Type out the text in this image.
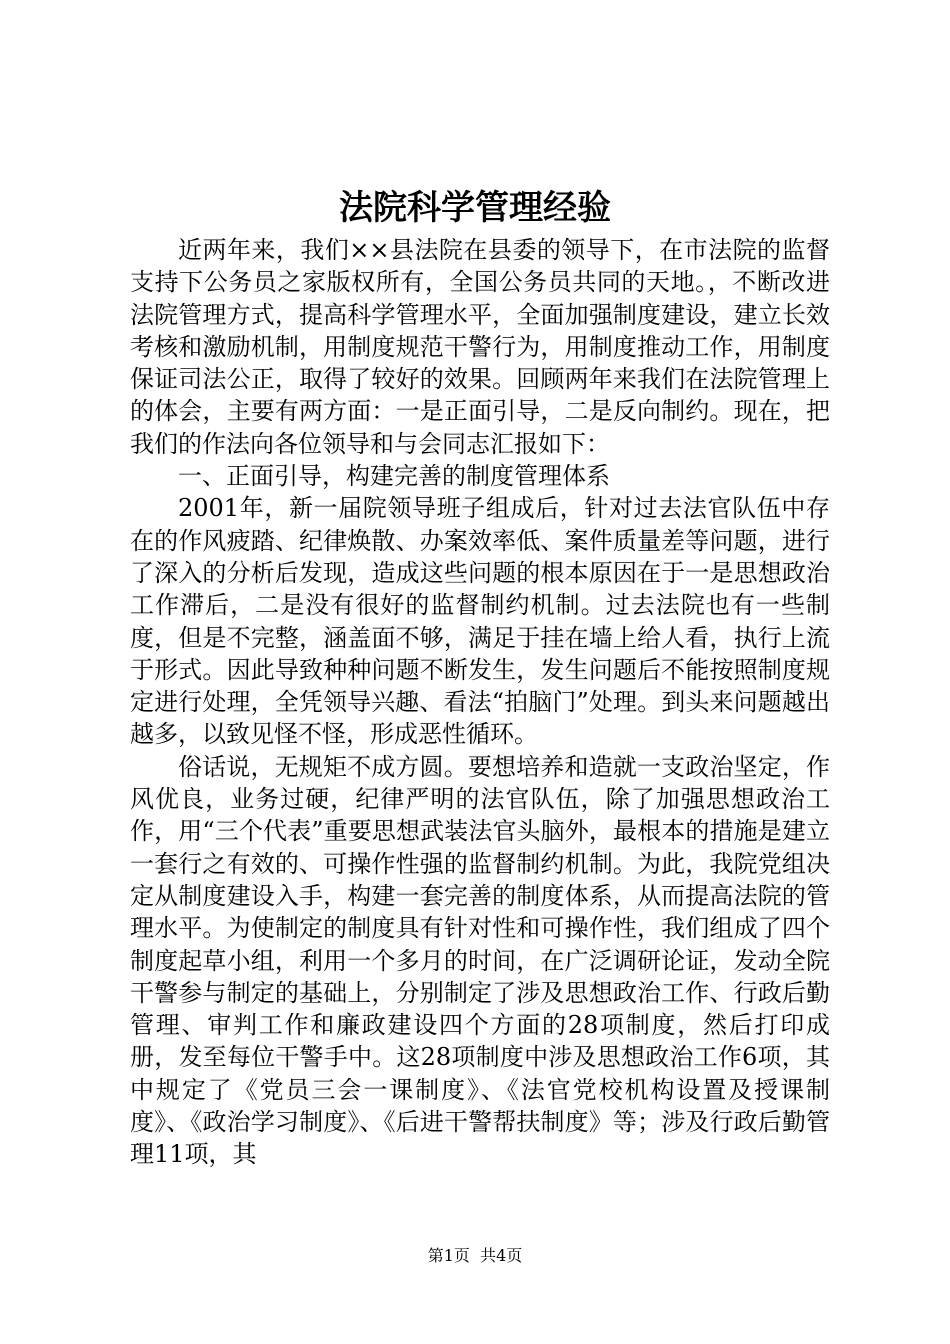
法院科学管理经验

近两年来，我们××县法院在县委的领导下，在市法院的监督支持下公务员之家版权所有，全国公务员共同的天地。，不断改进法院管理方式，提高科学管理水平，全面加强制度建设，建立长效考核和激励机制，用制度规范干警行为，用制度推动工作，用制度保证司法公正，取得了较好的效果。回顾两年来我们在法院管理上的体会，主要有两方面：一是正面引导，二是反向制约。现在，把我们的作法向各位领导和与会同志汇报如下：

一、正面引导，构建完善的制度管理体系

2001年，新一届院领导班子组成后，针对过去法官队伍中存在的作风疲踏、纪律焕散、办案效率低、案件质量差等问题，进行了深入的分析后发现，造成这些问题的根本原因在于一是思想政治工作滞后，二是没有很好的监督制约机制。过去法院也有一些制度，但是不完整，涵盖面不够，满足于挂在墙上给人看，执行上流于形式。因此导致种种问题不断发生，发生问题后不能按照制度规定进行处理，全凭领导兴趣、看法“拍脑门”处理。到头来问题越出越多，以致见怪不怪，形成恶性循环。

俗话说，无规矩不成方圆。要想培养和造就一支政治坚定，作风优良，业务过硬，纪律严明的法官队伍，除了加强思想政治工作，用“三个代表”重要思想武装法官头脑外，最根本的措施是建立一套行之有效的、可操作性强的监督制约机制。为此，我院党组决定从制度建设入手，构建一套完善的制度体系，从而提高法院的管理水平。为使制定的制度具有针对性和可操作性，我们组成了四个制度起草小组，利用一个多月的时间，在广泛调研论证，发动全院干警参与制定的基础上，分别制定了涉及思想政治工作、行政后勤管理、审判工作和廉政建设四个方面的28项制度，然后打印成册，发至每位干警手中。这28项制度中涉及思想政治工作6项，其中规定了《党员三会一课制度》、《法官党校机构设置及授课制度》、《政治学习制度》、《后进干警帮扶制度》等；涉及行政后勤管理11项，其

第1页 共4页
